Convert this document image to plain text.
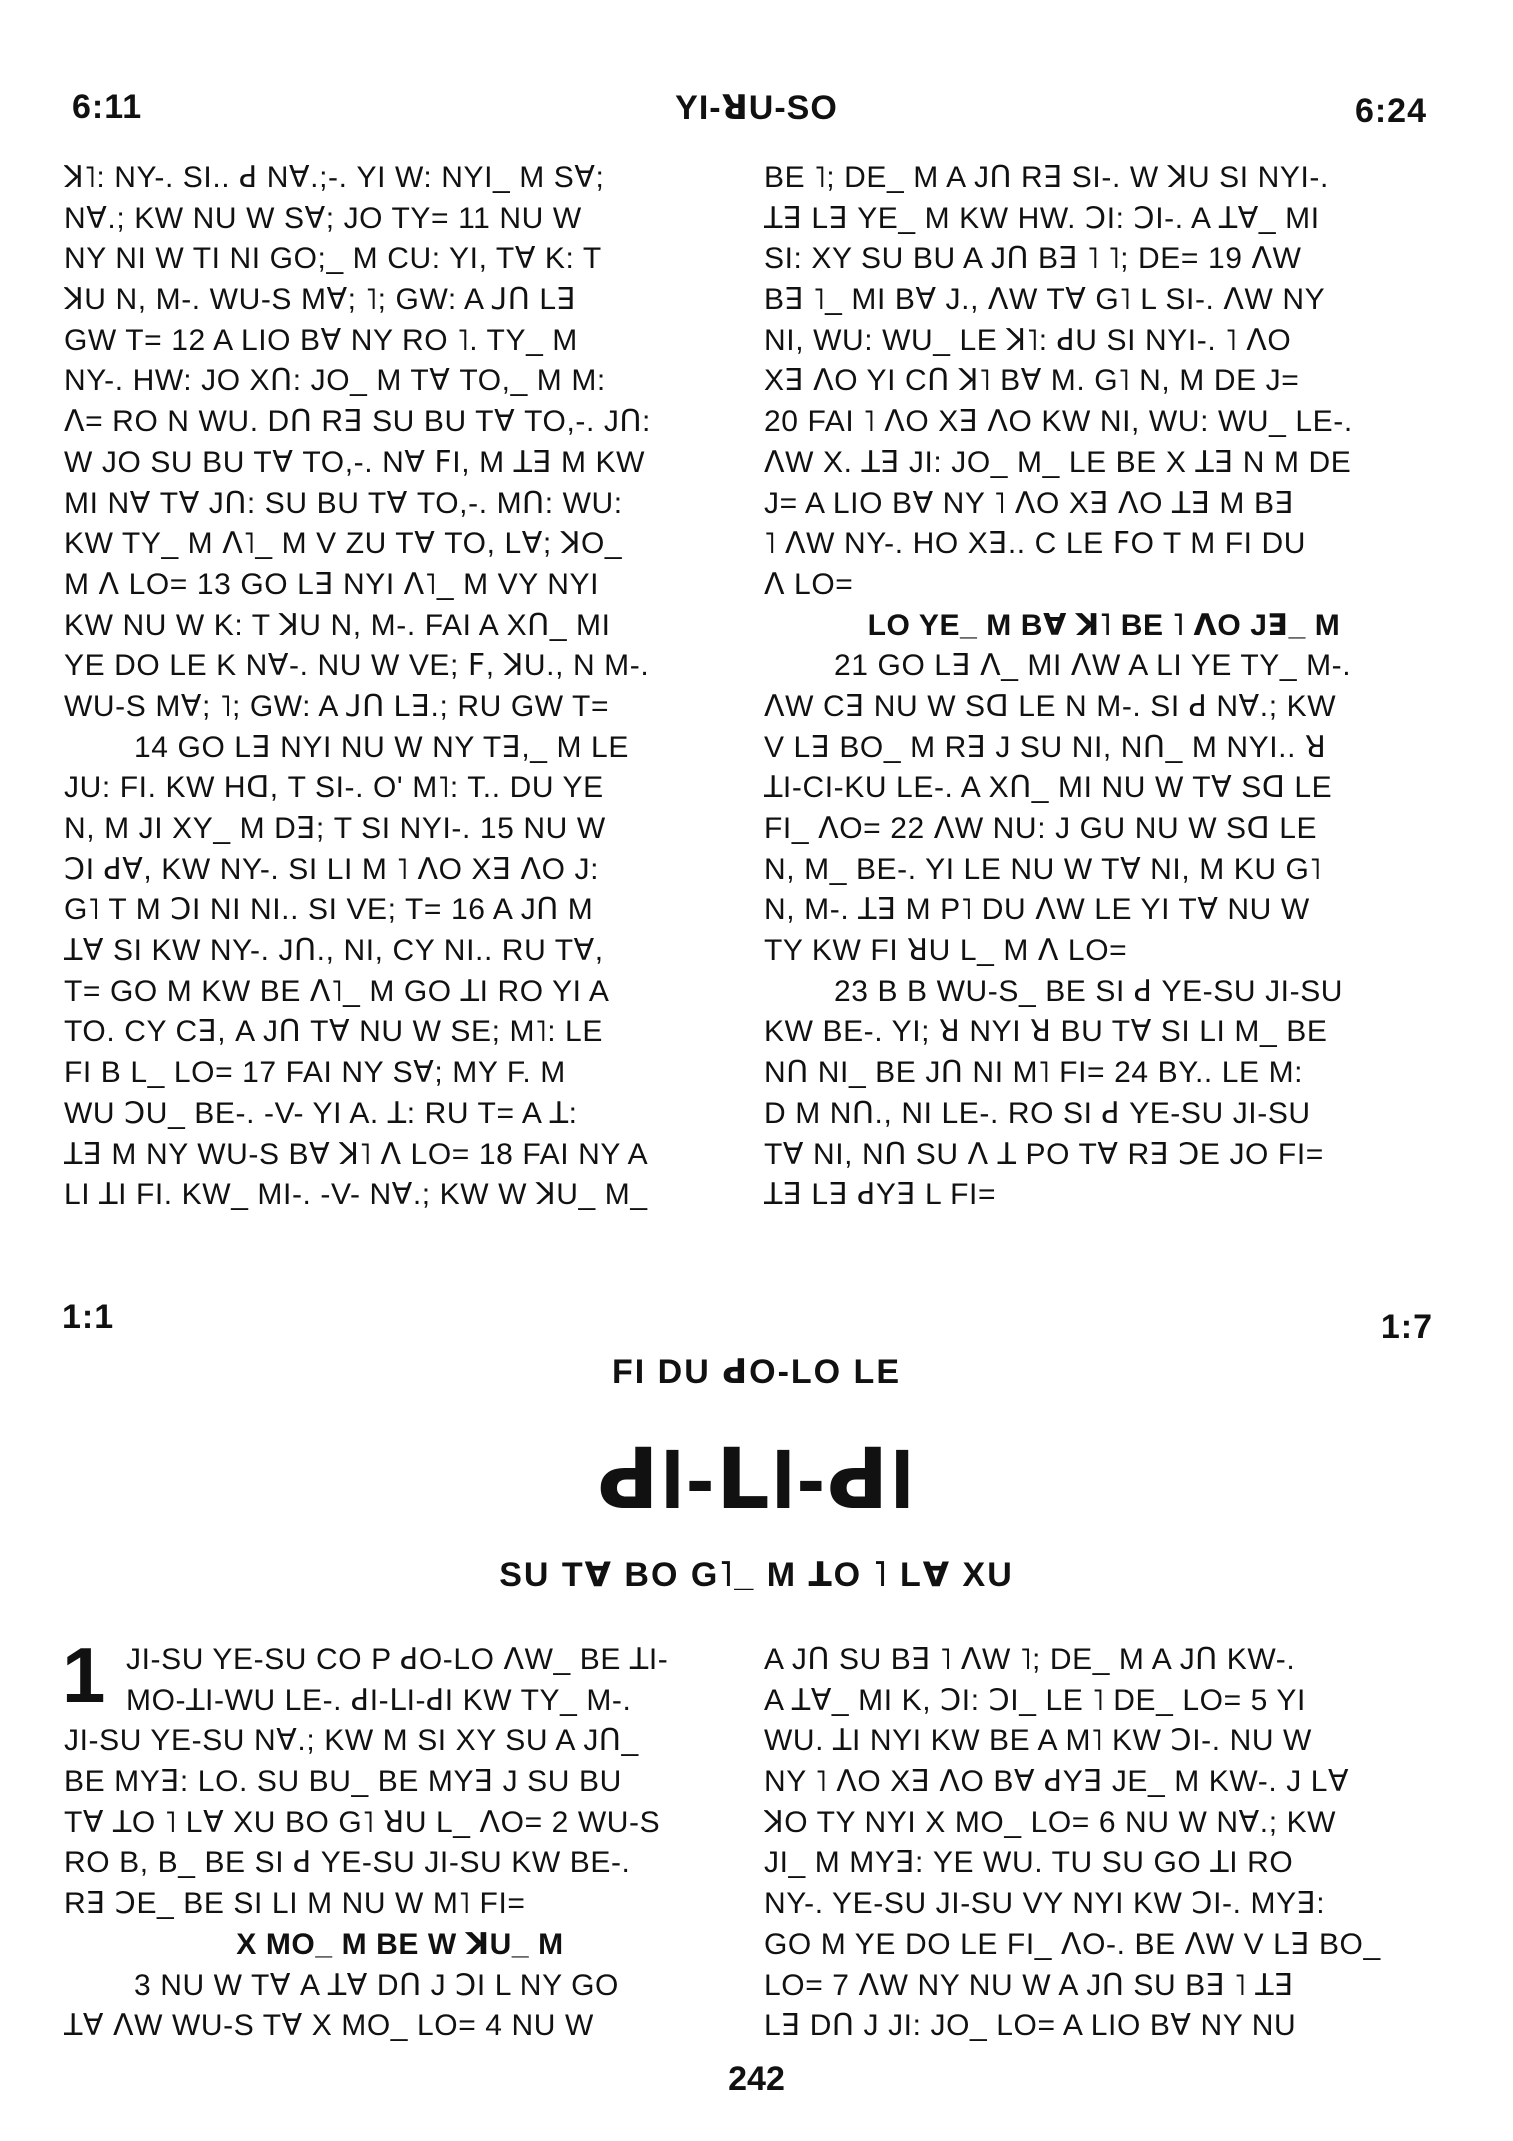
6:11	YI-ꓤU-SO	6:24
ꓘ˥: NY-. SI.. ꓒ Nꓯ.;-. YI W: NYI_ M Sꓯ;
Nꓯ.; KW NU W Sꓯ; JO TY= 11 NU W
NY NI W TI NI GO;_ M CU: YI, Tꓯ K: T
ꓘU N, M-. WU-S Mꓯ; ˥; GW: A ꓙꓵ Lꓱ
GW T= 12 A LIO Bꓯ NY RO ˥. TY_ M
NY-. HW: JO Xꓵ: JO_ M Tꓯ TO,_ M M:
ꓥ= RO N WU. Dꓵ Rꓱ SU BU Tꓯ TO,-. Jꓵ:
W JO SU BU Tꓯ TO,-. Nꓯ ꓝI, M ꓕꓱ M KW
MI Nꓯ Tꓯ Jꓵ: SU BU Tꓯ TO,-. Mꓵ: WU:
KW TY_ M ꓥ˥_ M V ZU Tꓯ TO, Lꓯ; ꓘO_
M ꓥ LO= 13 GO Lꓱ NYI ꓥ˥_ M VY NYI
KW NU W K: T ꓘU N, M-. FAI A Xꓵ_ MI
YE DO LE K Nꓯ-. NU W VE; ꓝ, ꓘU., N M-.
WU-S Mꓯ; ˥; GW: A ꓙꓵ Lꓱ.; RU GW T=
14 GO Lꓱ NYI NU W NY Tꓱ,_ M LE
JU: FI. KW Hꓷ, T SI-. O' M˥: T.. DU YE
N, M JI XY_ M Dꓱ; T SI NYI-. 15 NU W
ꓛI ꓒꓯ, KW NY-. SI LI M ˥ ꓥO Xꓱ ꓥO J:
G˥ T M ꓛI NI NI.. SI VE; T= 16 A Jꓵ M
ꓕꓯ SI KW NY-. Jꓵ., NI, CY NI.. RU Tꓯ,
T= GO M KW BE ꓥ˥_ M GO ꓕI RO YI A
TO. CY Cꓱ, A Jꓵ Tꓯ NU W SE; M˥: LE
FI B L_ LO= 17 FAI NY Sꓯ; MY F. M
WU ꓛU_ BE-. -V- YI A. ꓕ: RU T= A ꓕ:
ꓕꓱ M NY WU-S Bꓯ ꓘ˥ ꓥ LO= 18 FAI NY A
LI ꓕI FI. KW_ MI-. -V- Nꓯ.; KW W ꓘU_ M_
BE ˥; DE_ M A Jꓵ Rꓱ SI-. W ꓘU SI NYI-.
ꓕꓱ Lꓱ YE_ M KW HW. ꓛI: ꓛI-. A ꓕꓯ_ MI
SI: XY SU BU A Jꓵ Bꓱ ˥ ˥; DE= 19 ꓥW
Bꓱ ˥_ MI Bꓯ J., ꓥW Tꓯ G˥ L SI-. ꓥW NY
NI, WU: WU_ LE ꓘ˥: ꓒU SI NYI-. ˥ ꓥO
Xꓱ ꓥO YI Cꓵ ꓘ˥ Bꓯ M. G˥ N, M DE J=
20 FAI ˥ ꓥO Xꓱ ꓥO KW NI, WU: WU_ LE-.
ꓥW X. ꓕꓱ JI: JO_ M_ LE BE X ꓕꓱ N M DE
J= A LIO Bꓯ NY ˥ ꓥO Xꓱ ꓥO ꓕꓱ M Bꓱ
˥ ꓥW NY-. HO Xꓱ.. C LE ꓝO T M FI DU
ꓥ LO=
LO YE_ M Bꓯ ꓘ˥ BE ˥ ꓥO Jꓱ_ M
21 GO Lꓱ ꓥ_ MI ꓥW A LI YE TY_ M-.
ꓥW Cꓱ NU W Sꓷ LE N M-. SI ꓒ Nꓯ.; KW
V Lꓱ BO_ M Rꓱ J SU NI, Nꓵ_ M NYI.. ꓤ
ꓕI-CI-KU LE-. A Xꓵ_ MI NU W Tꓯ Sꓷ LE
FI_ ꓥO= 22 ꓥW NU: J GU NU W Sꓷ LE
N, M_ BE-. YI LE NU W Tꓯ NI, M KU G˥
N, M-. ꓕꓱ M P˥ DU ꓥW LE YI Tꓯ NU W
TY KW FI ꓤU L_ M ꓥ LO=
23 B B WU-S_ BE SI ꓒ YE-SU JI-SU
KW BE-. YI; ꓤ NYI ꓤ BU Tꓯ SI LI M_ BE
Nꓵ NI_ BE Jꓵ NI M˥ FI= 24 BY.. LE M:
D M Nꓵ., NI LE-. RO SI ꓒ YE-SU JI-SU
Tꓯ NI, Nꓵ SU ꓥ ꓕ PO Tꓯ Rꓱ ꓛE JO FI=
ꓕꓱ Lꓱ ꓒYꓱ L FI=
1:1	1:7
FI DU ꓒO-LO LE
ꓒI-ꓡI-ꓒI
SU Tꓯ BO G˥_ M ꓕO ˥ Lꓯ XU
1 JI-SU YE-SU CO P ꓒO-LO ꓥW_ BE ꓕI-
MO-ꓕI-WU LE-. ꓒI-ꓡI-ꓒI KW TY_ M-.
JI-SU YE-SU Nꓯ.; KW M SI XY SU A Jꓵ_
BE MYꓱ: LO. SU BU_ BE MYꓱ J SU BU
Tꓯ ꓕO ˥ Lꓯ XU BO G˥ ꓤU L_ ꓥO= 2 WU-S
RO B, B_ BE SI ꓒ YE-SU JI-SU KW BE-.
Rꓱ ꓛE_ BE SI LI M NU W M˥ FI=
X MO_ M BE W ꓘU_ M
3 NU W Tꓯ A ꓕꓯ Dꓵ J ꓛI L NY GO
ꓕꓯ ꓥW WU-S Tꓯ X MO_ LO= 4 NU W
A Jꓵ SU Bꓱ ˥ ꓥW ˥; DE_ M A Jꓵ KW-.
A ꓕꓯ_ MI K, ꓛI: ꓛI_ LE ˥ DE_ LO= 5 YI
WU. ꓕI NYI KW BE A M˥ KW ꓛI-. NU W
NY ˥ ꓥO Xꓱ ꓥO Bꓯ ꓒYꓱ JE_ M KW-. J Lꓯ
ꓘO TY NYI X MO_ LO= 6 NU W Nꓯ.; KW
JI_ M MYꓱ: YE WU. TU SU GO ꓕI RO
NY-. YE-SU JI-SU VY NYI KW ꓛI-. MYꓱ:
GO M YE DO LE FI_ ꓥO-. BE ꓥW V Lꓱ BO_
LO= 7 ꓥW NY NU W A Jꓵ SU Bꓱ ˥ ꓕꓱ
Lꓱ Dꓵ J JI: JO_ LO= A LIO Bꓯ NY NU
242
